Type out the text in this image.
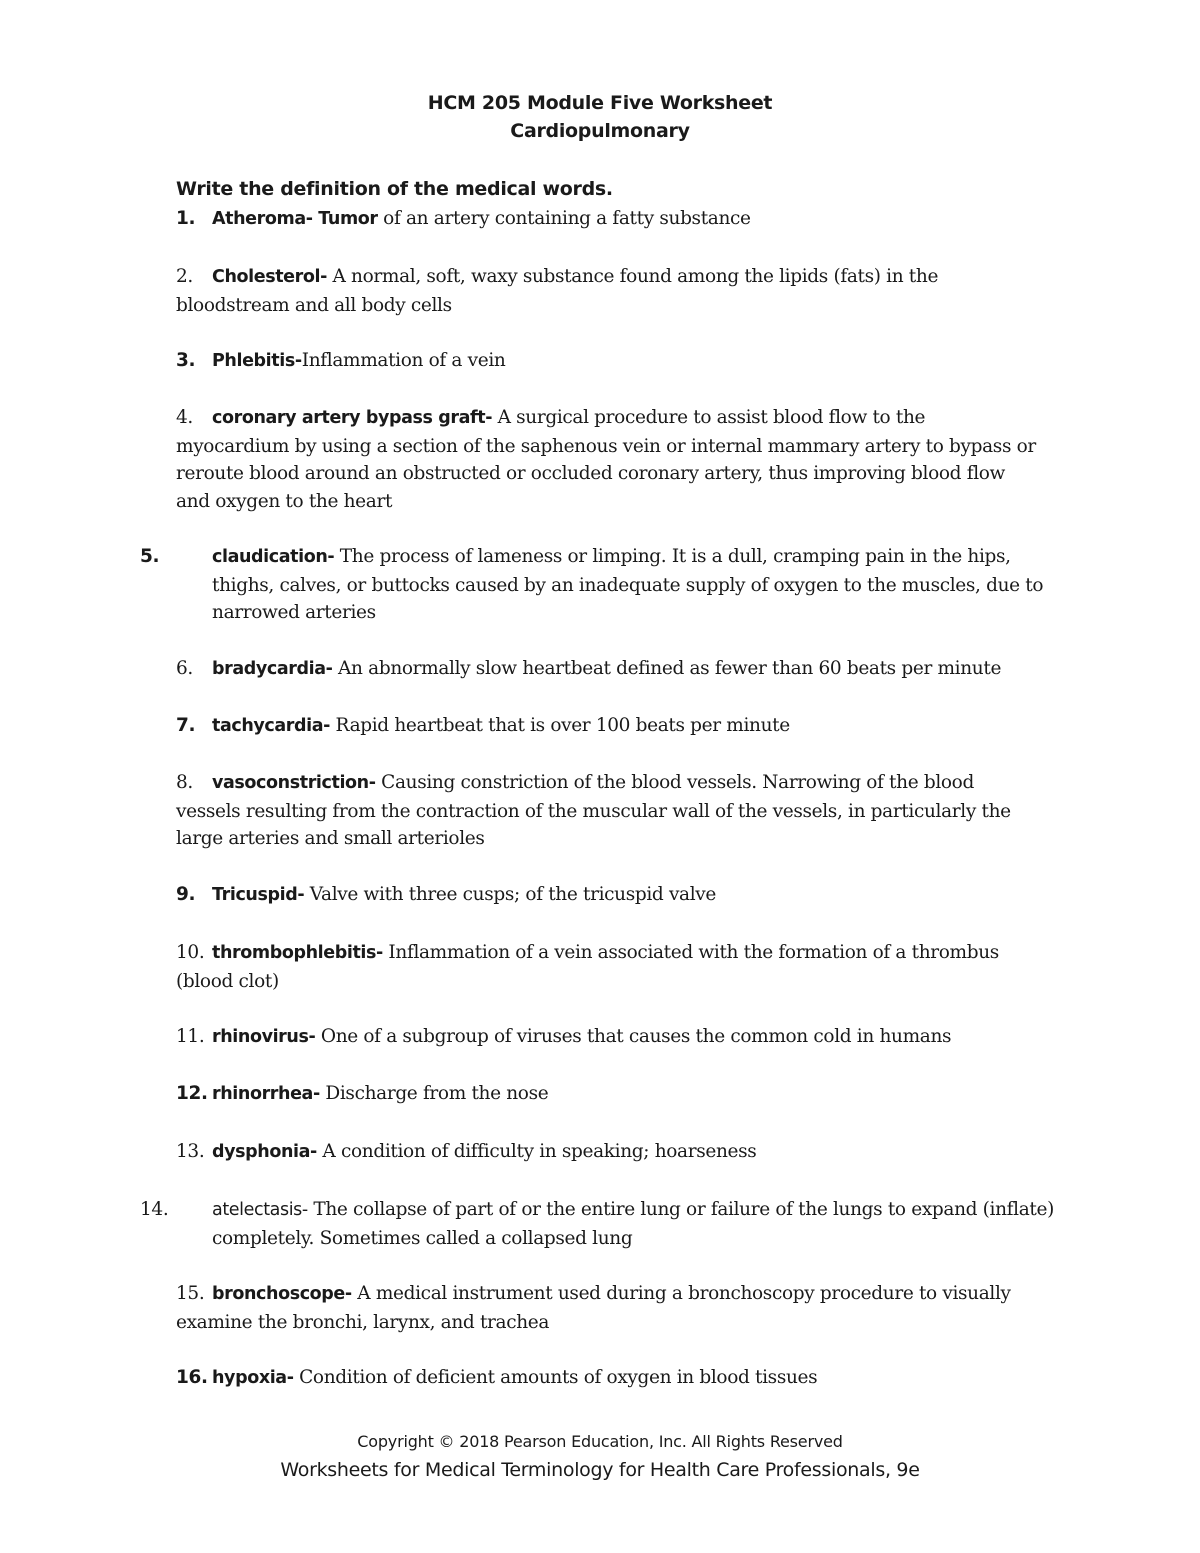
HCM 205 Module Five Worksheet
Cardiopulmonary
Write the definition of the medical words.
1. Atheroma- Tumor of an artery containing a fatty substance
2. Cholesterol- A normal, soft, waxy substance found among the lipids (fats) in the bloodstream and all body cells
3. Phlebitis-Inflammation of a vein
4. coronary artery bypass graft- A surgical procedure to assist blood flow to the myocardium by using a section of the saphenous vein or internal mammary artery to bypass or reroute blood around an obstructed or occluded coronary artery, thus improving blood flow and oxygen to the heart
5.	claudication- The process of lameness or limping. It is a dull, cramping pain in the hips, thighs, calves, or buttocks caused by an inadequate supply of oxygen to the muscles, due to narrowed arteries
6. bradycardia- An abnormally slow heartbeat defined as fewer than 60 beats per minute
7. tachycardia- Rapid heartbeat that is over 100 beats per minute
8. vasoconstriction- Causing constriction of the blood vessels. Narrowing of the blood vessels resulting from the contraction of the muscular wall of the vessels, in particularly the large arteries and small arterioles
9. Tricuspid- Valve with three cusps; of the tricuspid valve
10. thrombophlebitis- Inflammation of a vein associated with the formation of a thrombus (blood clot)
11. rhinovirus- One of a subgroup of viruses that causes the common cold in humans
12. rhinorrhea- Discharge from the nose
13. dysphonia- A condition of difficulty in speaking; hoarseness
14. atelectasis- The collapse of part of or the entire lung or failure of the lungs to expand (inflate) completely. Sometimes called a collapsed lung
15. bronchoscope- A medical instrument used during a bronchoscopy procedure to visually examine the bronchi, larynx, and trachea
16. hypoxia- Condition of deficient amounts of oxygen in blood tissues
Copyright © 2018 Pearson Education, Inc. All Rights Reserved
Worksheets for Medical Terminology for Health Care Professionals, 9e
